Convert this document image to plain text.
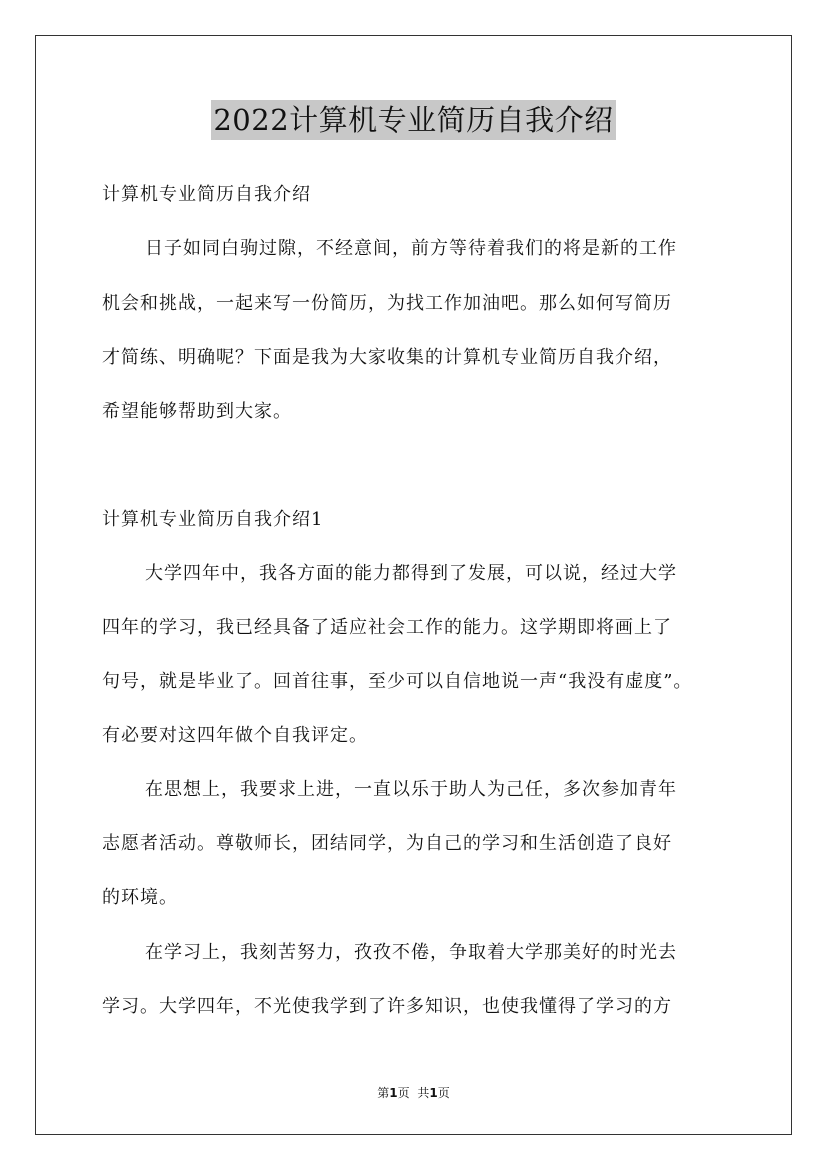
2022计算机专业简历自我介绍
计算机专业简历自我介绍
日子如同白驹过隙，不经意间，前方等待着我们的将是新的工作
机会和挑战，一起来写一份简历，为找工作加油吧。那么如何写简历
才简练、明确呢？下面是我为大家收集的计算机专业简历自我介绍，
希望能够帮助到大家。
计算机专业简历自我介绍1
大学四年中，我各方面的能力都得到了发展，可以说，经过大学
四年的学习，我已经具备了适应社会工作的能力。这学期即将画上了
句号，就是毕业了。回首往事，至少可以自信地说一声“我没有虚度”。
有必要对这四年做个自我评定。
在思想上，我要求上进，一直以乐于助人为己任，多次参加青年
志愿者活动。尊敬师长，团结同学，为自己的学习和生活创造了良好
的环境。
在学习上，我刻苦努力，孜孜不倦，争取着大学那美好的时光去
学习。大学四年，不光使我学到了许多知识，也使我懂得了学习的方
第1页 共1页
